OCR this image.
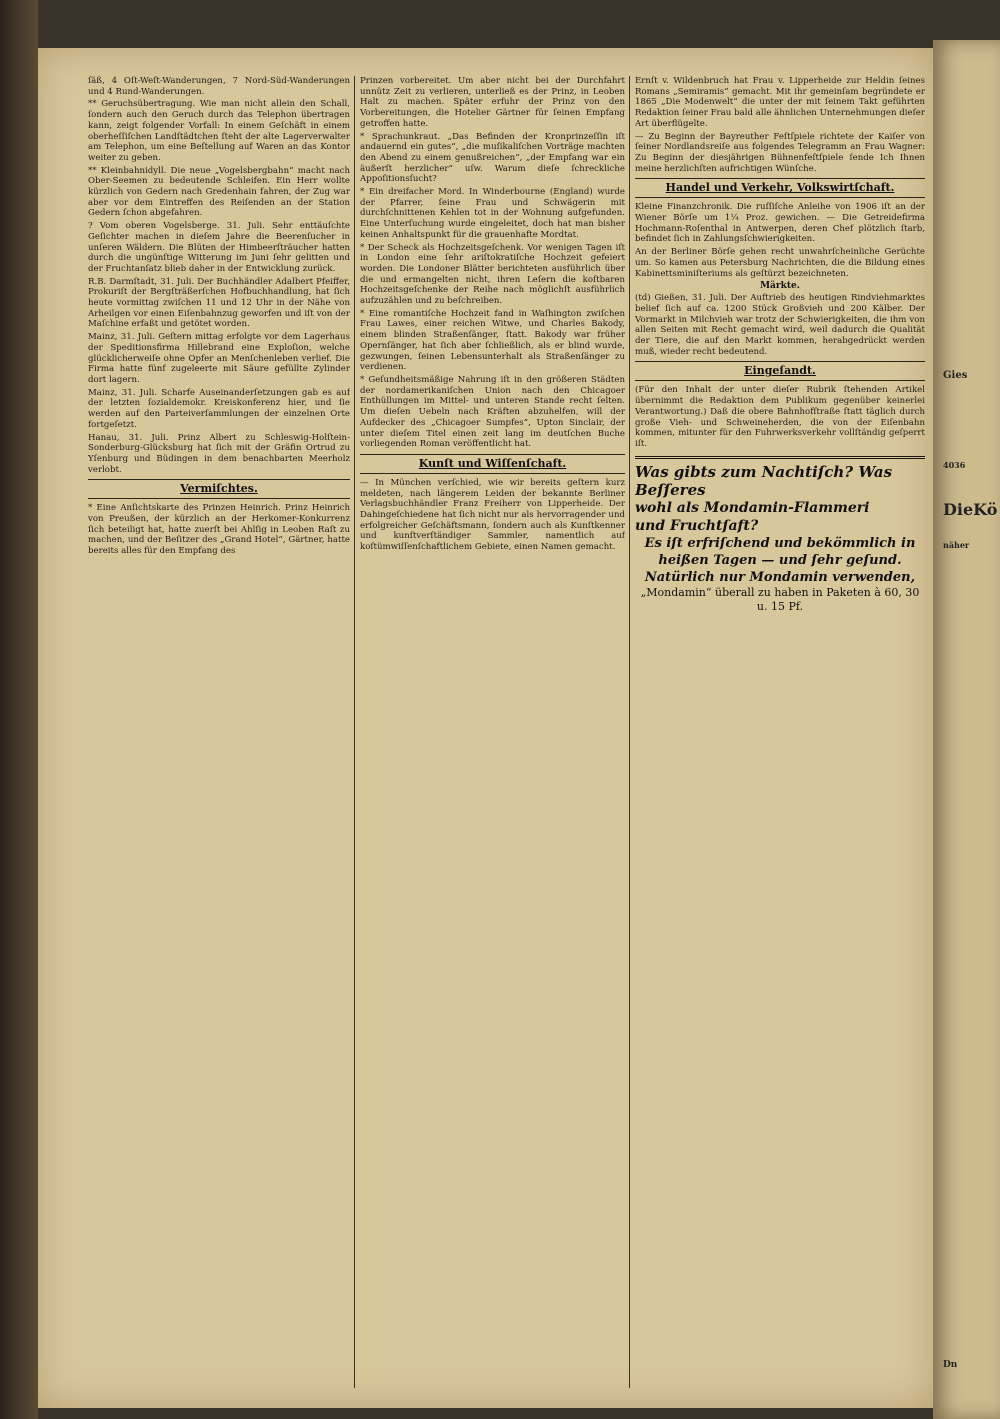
ſäß, 4 Oſt-Weſt-Wanderungen, 7 Nord-Süd-Wanderungen und 4 Rund-Wanderungen.

** Geruchsübertragung. Wie man nicht allein den Schall, ſondern auch den Geruch durch das Telephon übertragen kann, zeigt folgender Vorfall: In einem Geſchäft in einem oberheſſiſchen Landſtädtchen ſteht der alte Lagerverwalter am Telephon, um eine Beſtellung auf Waren an das Kontor weiter zu geben.

** Kleinbahnidyll. Die neue „Vogelsbergbahn“ macht nach Ober-Seemen zu bedeutende Schleifen. Ein Herr wollte kürzlich von Gedern nach Gredenhain fahren, der Zug war aber vor dem Eintreffen des Reiſenden an der Station Gedern ſchon abgefahren.

? Vom oberen Vogelsberge. 31. Juli. Sehr enttäuſchte Geſichter machen in dieſem Jahre die Beerenſucher in unſeren Wäldern. Die Blüten der Himbeerſträucher hatten durch die ungünſtige Witterung im Juni ſehr gelitten und der Fruchtanſatz blieb daher in der Entwicklung zurück.

R.B. Darmſtadt, 31. Juli. Der Buchhändler Adalbert Pfeiffer, Prokuriſt der Bergſträßerſchen Hofbuchhandlung, hat ſich heute vormittag zwiſchen 11 und 12 Uhr in der Nähe von Arheilgen vor einen Eiſenbahnzug geworfen und iſt von der Maſchine erfaßt und getötet worden.

Mainz, 31. Juli. Geſtern mittag erfolgte vor dem Lagerhaus der Speditionsfirma Hillebrand eine Exploſion, welche glücklicherweiſe ohne Opfer an Menſchenleben verlief. Die Firma hatte fünf zugeleerte mit Säure gefüllte Zylinder dort lagern.

Mainz, 31. Juli. Scharfe Auseinanderſetzungen gab es auf der letzten ſozialdemokr. Kreiskonferenz hier, und ſie werden auf den Parteiverſammlungen der einzelnen Orte fortgeſetzt.

Hanau, 31. Juli. Prinz Albert zu Schleswig-Holſtein-Sonderburg-Glücksburg hat ſich mit der Gräfin Ortrud zu Yſenburg und Büdingen in dem benachbarten Meerholz verlobt.

Vermiſchtes.

* Eine Anſichtskarte des Prinzen Heinrich. Prinz Heinrich von Preußen, der kürzlich an der Herkomer-Konkurrenz ſich beteiligt hat, hatte zuerſt bei Ahlſig in Leoben Raſt zu machen, und der Beſitzer des „Grand Hotel“, Gärtner, hatte bereits alles für den Empfang des

Prinzen vorbereitet. Um aber nicht bei der Durchfahrt unnütz Zeit zu verlieren, unterließ es der Prinz, in Leoben Halt zu machen. Später erfuhr der Prinz von den Vorbereitungen, die Hotelier Gärtner für ſeinen Empfang getroffen hatte.

* Sprachunkraut. „Das Befinden der Kronprinzeſſin iſt andauernd ein gutes“, „die muſikaliſchen Vorträge machten den Abend zu einem genußreichen“, „der Empfang war ein äußerſt herzlicher“ uſw. Warum dieſe ſchreckliche Appoſitionsſucht?

* Ein dreifacher Mord. In Winderbourne (England) wurde der Pfarrer, ſeine Frau und Schwägerin mit durchſchnittenen Kehlen tot in der Wohnung aufgefunden. Eine Unterſuchung wurde eingeleitet, doch hat man bisher keinen Anhaltspunkt für die grauenhafte Mordtat.

* Der Scheck als Hochzeitsgeſchenk. Vor wenigen Tagen iſt in London eine ſehr ariſtokratiſche Hochzeit gefeiert worden. Die Londoner Blätter berichteten ausführlich über die und ermangelten nicht, ihren Leſern die koſtbaren Hochzeitsgeſchenke der Reihe nach möglichſt ausführlich aufzuzählen und zu beſchreiben.

* Eine romantiſche Hochzeit fand in Waſhington zwiſchen Frau Lawes, einer reichen Witwe, und Charles Bakody, einem blinden Straßenſänger, ſtatt. Bakody war früher Opernſänger, hat ſich aber ſchließlich, als er blind wurde, gezwungen, ſeinen Lebensunterhalt als Straßenſänger zu verdienen.

* Geſundheitsmäßige Nahrung iſt in den größeren Städten der nordamerikaniſchen Union nach den Chicagoer Enthüllungen im Mittel- und unteren Stande recht ſelten. Um dieſen Uebeln nach Kräften abzuhelfen, will der Aufdecker des „Chicagoer Sumpfes“, Upton Sinclair, der unter dieſem Titel einen zeit lang im deutſchen Buche vorliegenden Roman veröffentlicht hat.

Kunſt und Wiſſenſchaft.

— In München verſchied, wie wir bereits geſtern kurz meldeten, nach längerem Leiden der bekannte Berliner Verlagsbuchhändler Franz Freiherr von Lipperheide. Der Dahingeſchiedene hat ſich nicht nur als hervorragender und erfolgreicher Geſchäftsmann, ſondern auch als Kunſtkenner und kunſtverſtändiger Sammler, namentlich auf koſtümwiſſenſchaftlichem Gebiete, einen Namen gemacht.

Ernſt v. Wildenbruch hat Frau v. Lipperheide zur Heldin ſeines Romans „Semiramis“ gemacht. Mit ihr gemeinſam begründete er 1865 „Die Modenwelt“ die unter der mit ſeinem Takt geführten Redaktion ſeiner Frau bald alle ähnlichen Unternehmungen dieſer Art überflügelte.

— Zu Beginn der Bayreuther Feſtſpiele richtete der Kaiſer von ſeiner Nordlandsreiſe aus folgendes Telegramm an Frau Wagner: Zu Beginn der diesjährigen Bühnenfeſtſpiele ſende Ich Ihnen meine herzlichſten aufrichtigen Wünſche.

Handel und Verkehr, Volkswirtſchaft.

Kleine Finanzchronik. Die ruſſiſche Anleihe von 1906 iſt an der Wiener Börſe um 1¼ Proz. gewichen. — Die Getreidefirma Hochmann-Roſenthal in Antwerpen, deren Chef plötzlich ſtarb, befindet ſich in Zahlungsſchwierigkeiten.

An der Berliner Börſe gehen recht unwahrſcheinliche Gerüchte um. So kamen aus Petersburg Nachrichten, die die Bildung eines Kabinettsminiſteriums als geſtürzt bezeichneten.

Märkte.

(td) Gießen, 31. Juli. Der Auftrieb des heutigen Rindviehmarktes belief ſich auf ca. 1200 Stück Großvieh und 200 Kälber. Der Vormarkt in Milchvieh war trotz der Schwierigkeiten, die ihm von allen Seiten mit Recht gemacht wird, weil dadurch die Qualität der Tiere, die auf den Markt kommen, herabgedrückt werden muß, wieder recht bedeutend.

Eingeſandt.

(Für den Inhalt der unter dieſer Rubrik ſtehenden Artikel übernimmt die Redaktion dem Publikum gegenüber keinerlei Verantwortung.) Daß die obere Bahnhofſtraße ſtatt täglich durch große Vieh- und Schweineherden, die von der Eiſenbahn kommen, mitunter für den Fuhrwerksverkehr vollſtändig geſperrt iſt.

Was gibts zum Nachtiſch? Was Beſſeres
wohl als Mondamin-Flammeri
und Fruchtſaft?
Es iſt erfriſchend und bekömmlich in
heißen Tagen — und ſehr geſund.
Natürlich nur Mondamin verwenden,
„Mondamin“ überall zu haben in Paketen à 60, 30 u. 15 Pf.
Gies
4036
DieKö
näher
Dn
